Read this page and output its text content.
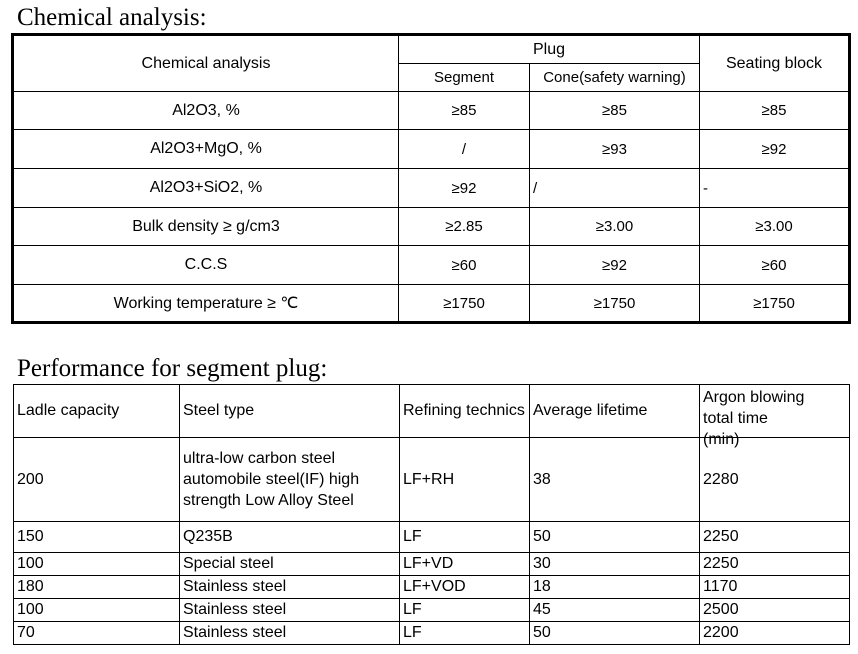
Chemical analysis:
Chemical analysis	Plug		Seating block
	Segment	Cone(safety warning)	
Al2O3, %	≥85	≥85	≥85
Al2O3+MgO, %	/	≥93	≥92
Al2O3+SiO2, %	≥92	/	-
Bulk density ≥ g/cm3	≥2.85	≥3.00	≥3.00
C.C.S	≥60	≥92	≥60
Working temperature ≥ ℃	≥1750	≥1750	≥1750
Performance for segment plug:
Ladle capacity	Steel type	Refining technics	Average lifetime	Argon blowing
total time
(min)

200	ultra-low carbon steel automobile steel(IF) high strength Low Alloy Steel	LF+RH	38	2280
150	Q235B	LF	50	2250
100	Special steel	LF+VD	30	2250
180	Stainless steel	LF+VOD	18	1170
100	Stainless steel	LF	45	2500
70	Stainless steel	LF	50	2200
